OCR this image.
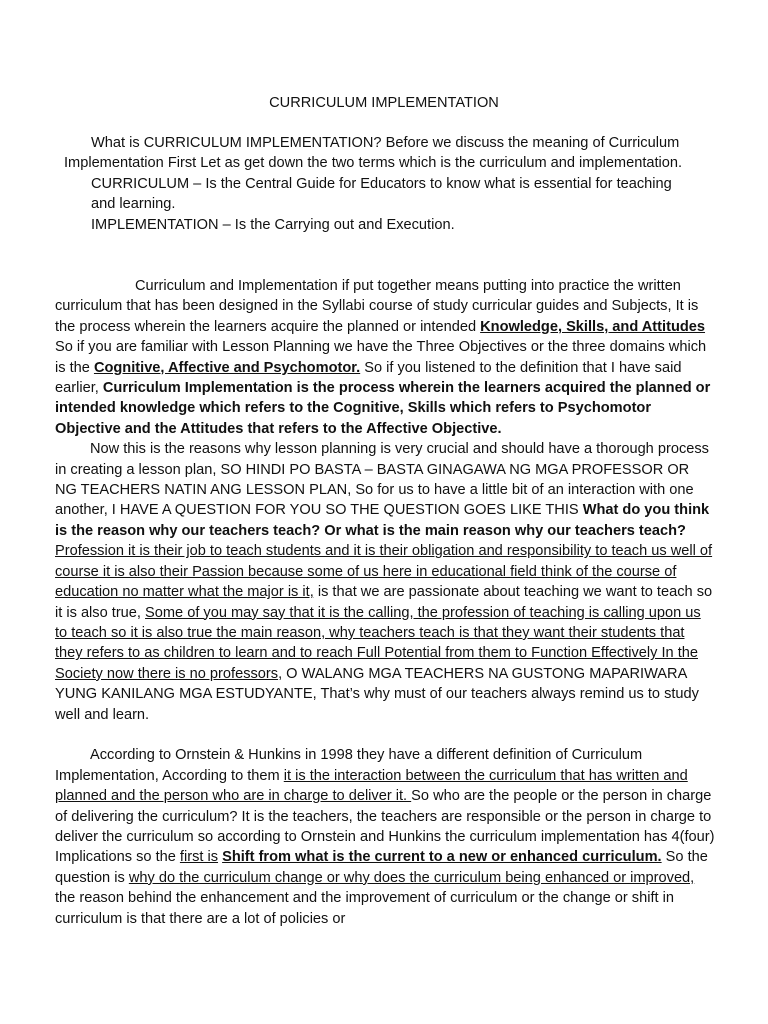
CURRICULUM IMPLEMENTATION

What is CURRICULUM IMPLEMENTATION? Before we discuss the meaning of Curriculum Implementation First Let as get down the two terms which is the curriculum and implementation.

CURRICULUM – Is the Central Guide for Educators to know what is essential for teaching and learning.

IMPLEMENTATION – Is the Carrying out and Execution.

Curriculum and Implementation if put together means putting into practice the written curriculum that has been designed in the Syllabi course of study curricular guides and Subjects, It is the process wherein the learners acquire the planned or intended Knowledge, Skills, and Attitudes So if you are familiar with Lesson Planning we have the Three Objectives or the three domains which is the Cognitive, Affective and Psychomotor. So if you listened to the definition that I have said earlier, Curriculum Implementation is the process wherein the learners acquired the planned or intended knowledge which refers to the Cognitive, Skills which refers to Psychomotor Objective and the Attitudes that refers to the Affective Objective.

Now this is the reasons why lesson planning is very crucial and should have a thorough process in creating a lesson plan, SO HINDI PO BASTA – BASTA GINAGAWA NG MGA PROFESSOR OR NG TEACHERS NATIN ANG LESSON PLAN, So for us to have a little bit of an interaction with one another, I HAVE A QUESTION FOR YOU SO THE QUESTION GOES LIKE THIS What do you think is the reason why our teachers teach? Or what is the main reason why our teachers teach? Profession it is their job to teach students and it is their obligation and responsibility to teach us well of course it is also their Passion because some of us here in educational field think of the course of education no matter what the major is it, is that we are passionate about teaching we want to teach so it is also true, Some of you may say that it is the calling, the profession of teaching is calling upon us to teach so it is also true the main reason, why teachers teach is that they want their students that they refers to as children to learn and to reach Full Potential from them to Function Effectively In the Society now there is no professors, O WALANG MGA TEACHERS NA GUSTONG MAPARIWARA YUNG KANILANG MGA ESTUDYANTE, That’s why must of our teachers always remind us to study well and learn.

According to Ornstein & Hunkins in 1998 they have a different definition of Curriculum Implementation, According to them it is the interaction between the curriculum that has written and planned and the person who are in charge to deliver it. So who are the people or the person in charge of delivering the curriculum? It is the teachers, the teachers are responsible or the person in charge to deliver the curriculum so according to Ornstein and Hunkins the curriculum implementation has 4(four) Implications so the first is Shift from what is the current to a new or enhanced curriculum. So the question is why do the curriculum change or why does the curriculum being enhanced or improved, the reason behind the enhancement and the improvement of curriculum or the change or shift in curriculum is that there are a lot of policies or
